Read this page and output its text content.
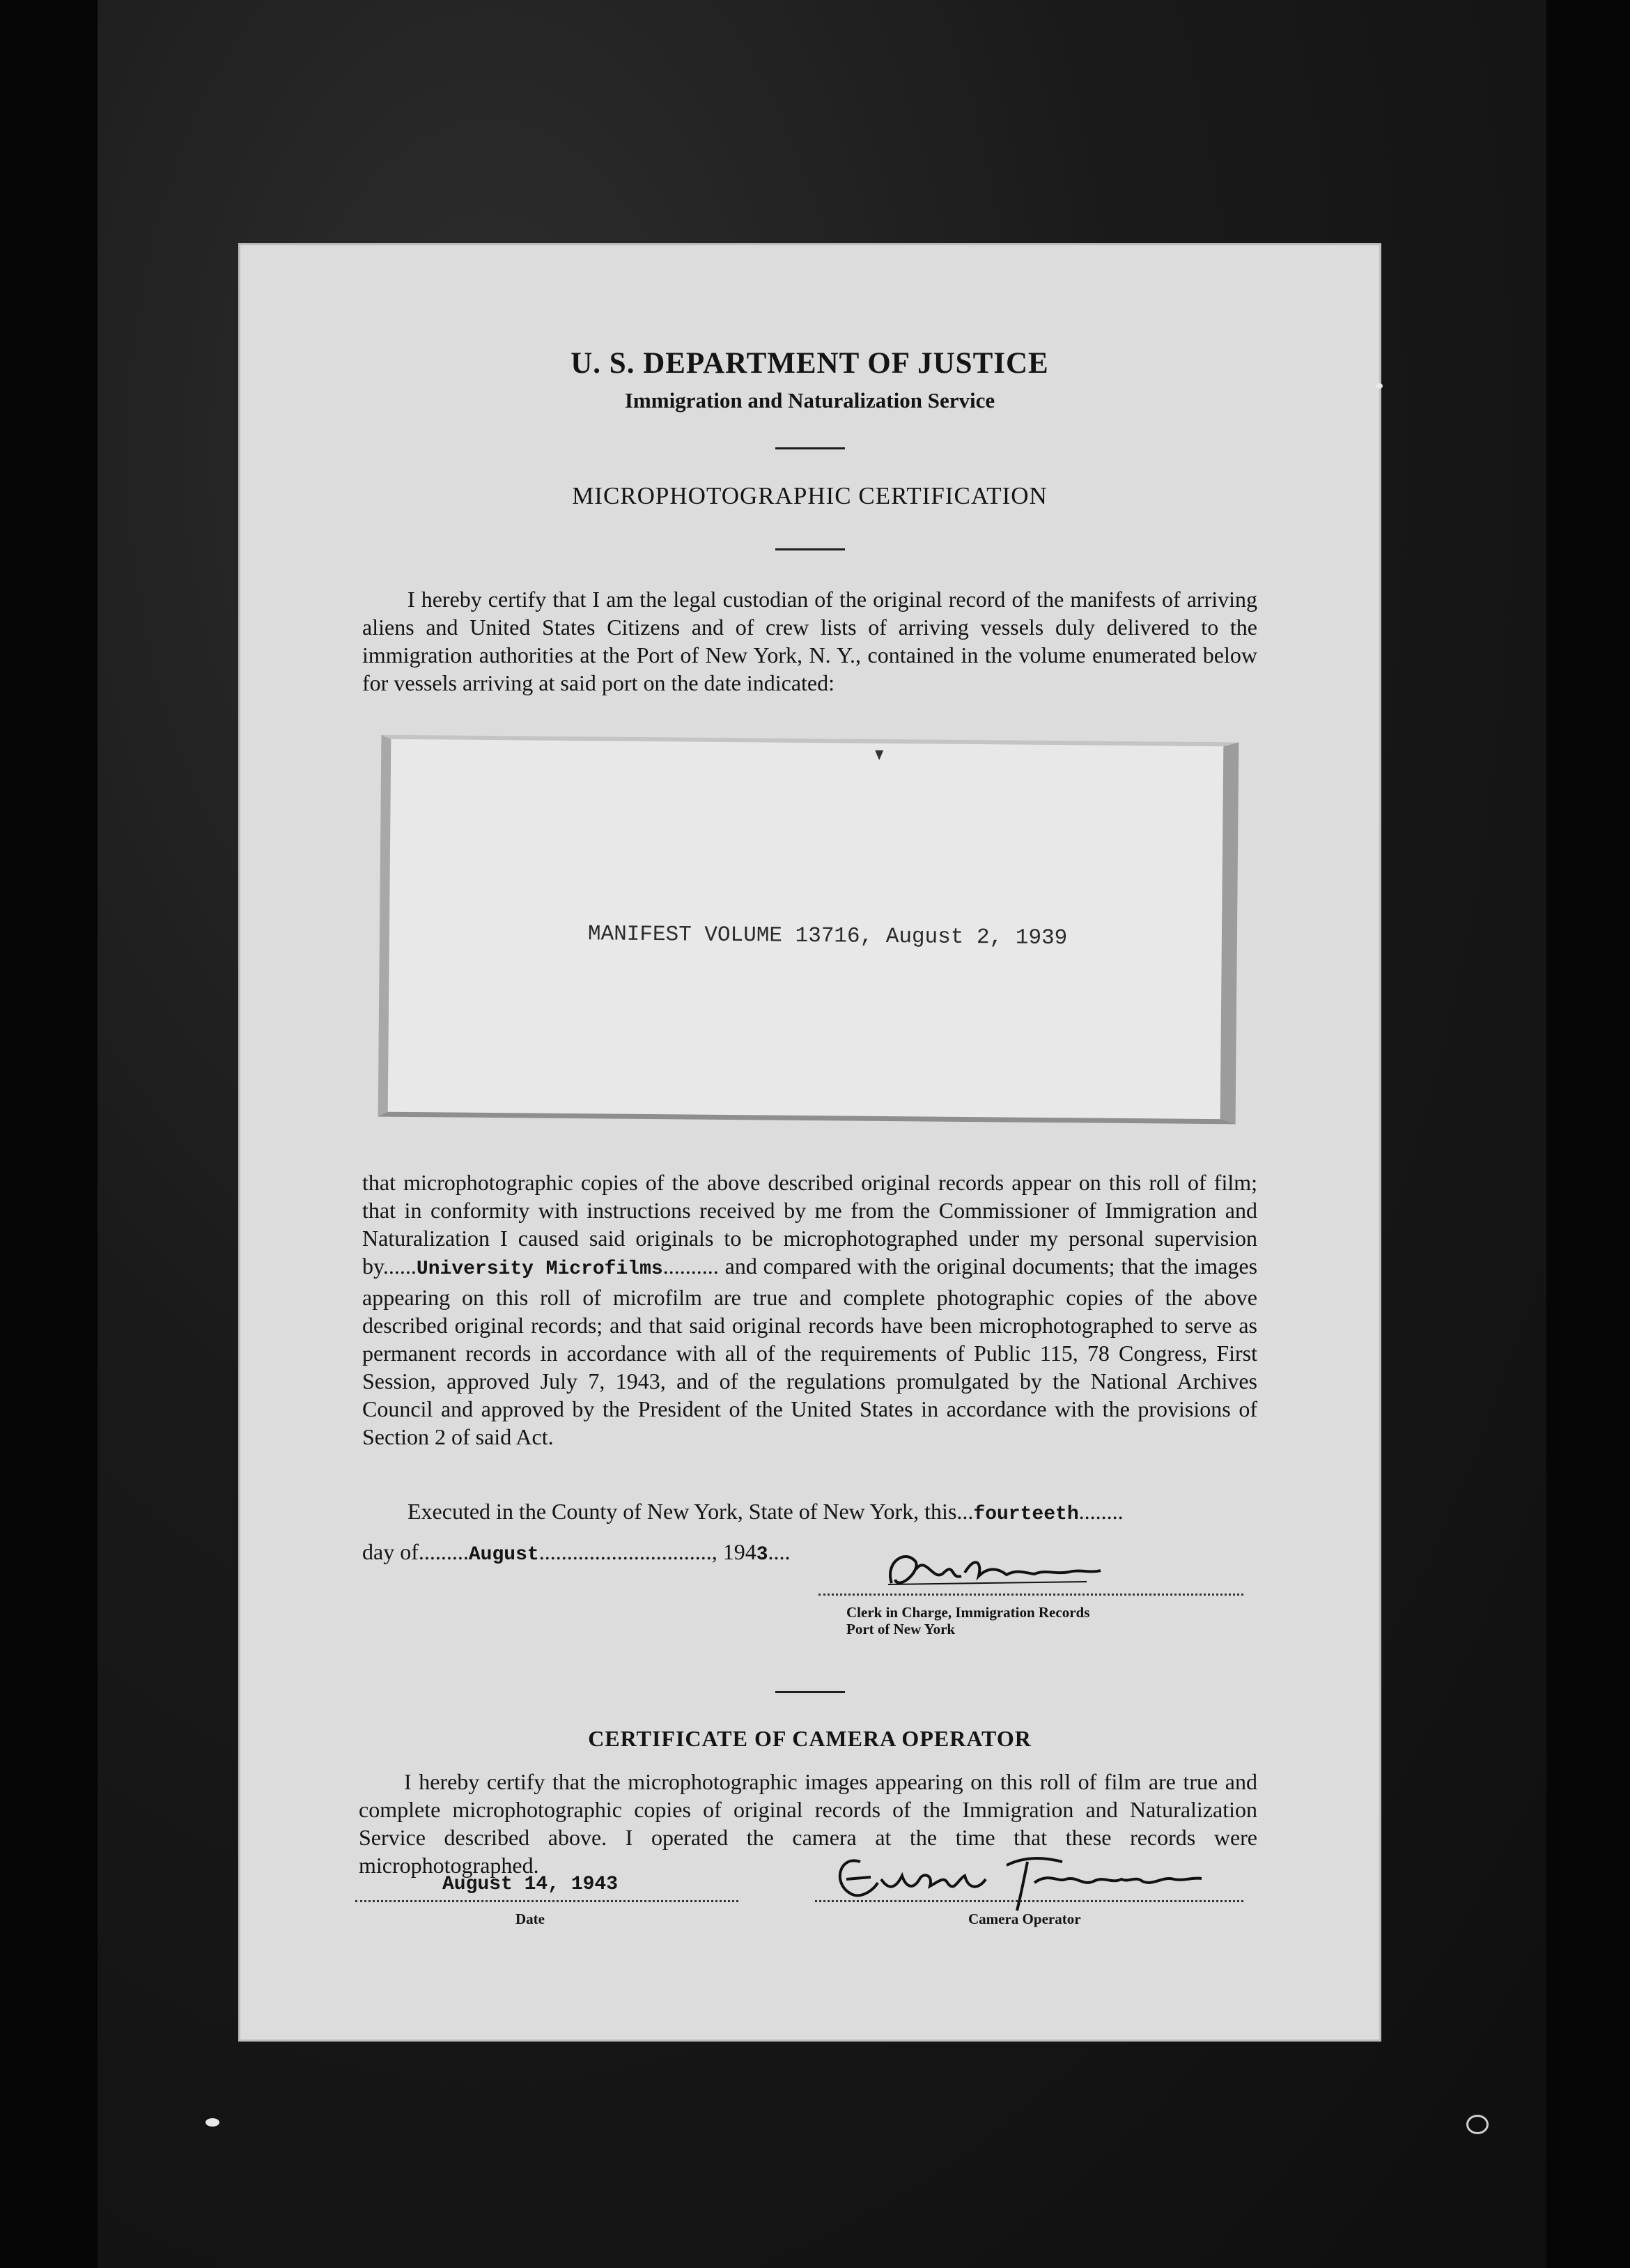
U. S. DEPARTMENT OF JUSTICE
Immigration and Naturalization Service
MICROPHOTOGRAPHIC CERTIFICATION

I hereby certify that I am the legal custodian of the original record of the manifests of arriving aliens and United States Citizens and of crew lists of arriving vessels duly delivered to the immigration authorities at the Port of New York, N. Y., contained in the volume enumerated below for vessels arriving at said port on the date indicated:

MANIFEST VOLUME 13716, August 2, 1939

that microphotographic copies of the above described original records appear on this roll of film; that in conformity with instructions received by me from the Commissioner of Immigration and Naturalization I caused said originals to be microphotographed under my personal supervision by......University Microfilms.......... and compared with the original documents; that the images appearing on this roll of microfilm are true and complete photographic copies of the above described original records; and that said original records have been microphotographed to serve as permanent records in accordance with all of the requirements of Public 115, 78 Congress, First Session, approved July 7, 1943, and of the regulations promulgated by the National Archives Council and approved by the President of the United States in accordance with the provisions of Section 2 of said Act.

Executed in the County of New York, State of New York, this...fourteeth........

day of.........August..............................., 1943....
Clerk in Charge, Immigration Records
Port of New York
CERTIFICATE OF CAMERA OPERATOR

I hereby certify that the microphotographic images appearing on this roll of film are true and complete microphotographic copies of original records of the Immigration and Naturalization Service described above. I operated the camera at the time that these records were microphotographed.

August 14, 1943
Date	Camera Operator
